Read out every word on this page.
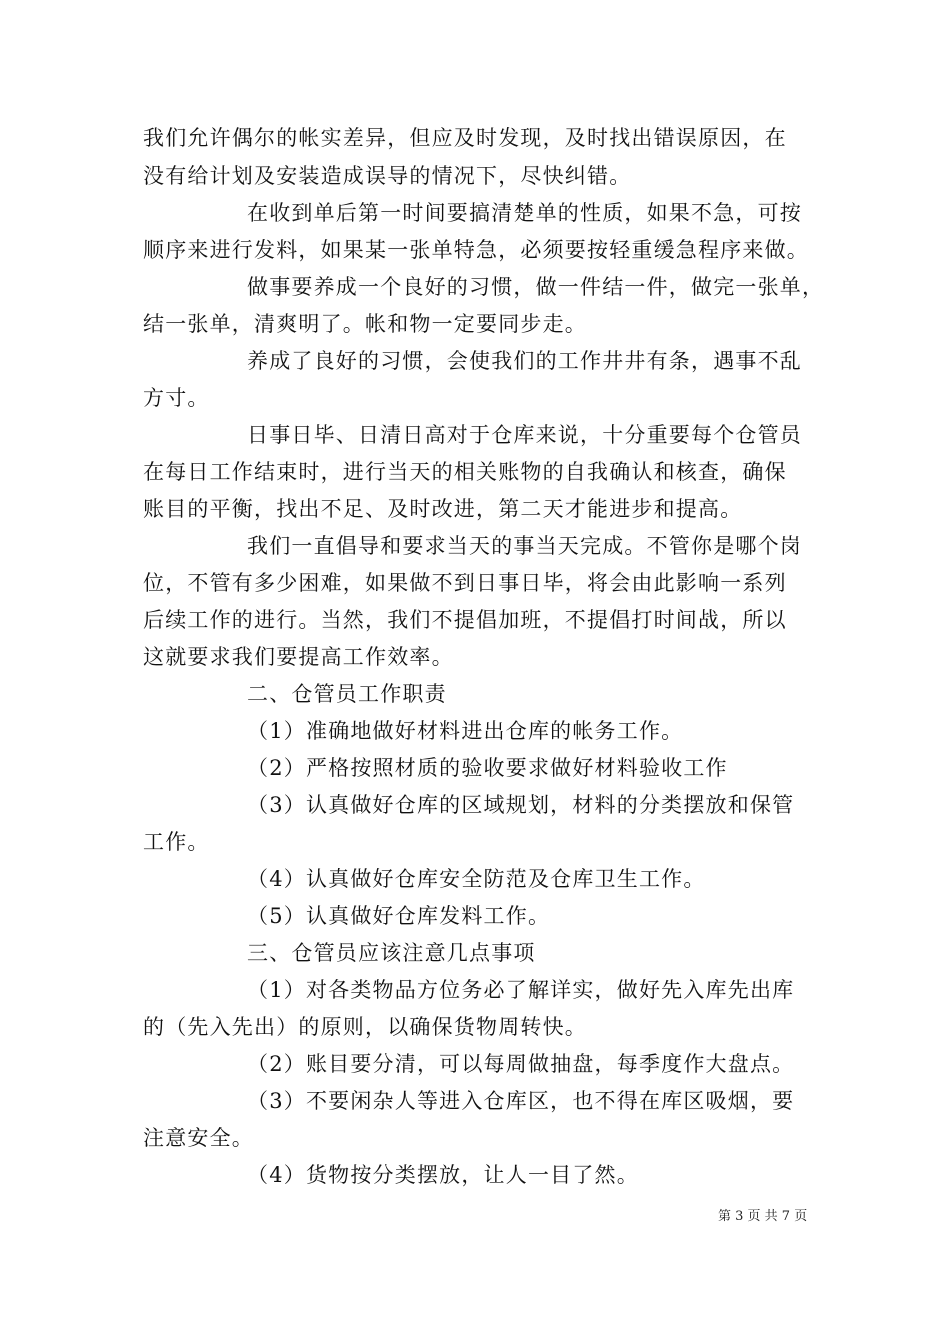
我们允许偶尔的帐实差异，但应及时发现，及时找出错误原因，在
没有给计划及安装造成误导的情况下，尽快纠错。
在收到单后第一时间要搞清楚单的性质，如果不急，可按
顺序来进行发料，如果某一张单特急，必须要按轻重缓急程序来做。
做事要养成一个良好的习惯，做一件结一件，做完一张单，
结一张单，清爽明了。帐和物一定要同步走。
养成了良好的习惯，会使我们的工作井井有条，遇事不乱
方寸。
日事日毕、日清日高对于仓库来说，十分重要每个仓管员
在每日工作结束时，进行当天的相关账物的自我确认和核查，确保
账目的平衡，找出不足、及时改进，第二天才能进步和提高。
我们一直倡导和要求当天的事当天完成。不管你是哪个岗
位，不管有多少困难，如果做不到日事日毕，将会由此影响一系列
后续工作的进行。当然，我们不提倡加班，不提倡打时间战，所以
这就要求我们要提高工作效率。
二、仓管员工作职责
（1）准确地做好材料进出仓库的帐务工作。
（2）严格按照材质的验收要求做好材料验收工作
（3）认真做好仓库的区域规划，材料的分类摆放和保管
工作。
（4）认真做好仓库安全防范及仓库卫生工作。
（5）认真做好仓库发料工作。
三、仓管员应该注意几点事项
（1）对各类物品方位务必了解详实，做好先入库先出库
的（先入先出）的原则，以确保货物周转快。
（2）账目要分清，可以每周做抽盘，每季度作大盘点。
（3）不要闲杂人等进入仓库区，也不得在库区吸烟，要
注意安全。
（4）货物按分类摆放，让人一目了然。
第 3 页 共 7 页
